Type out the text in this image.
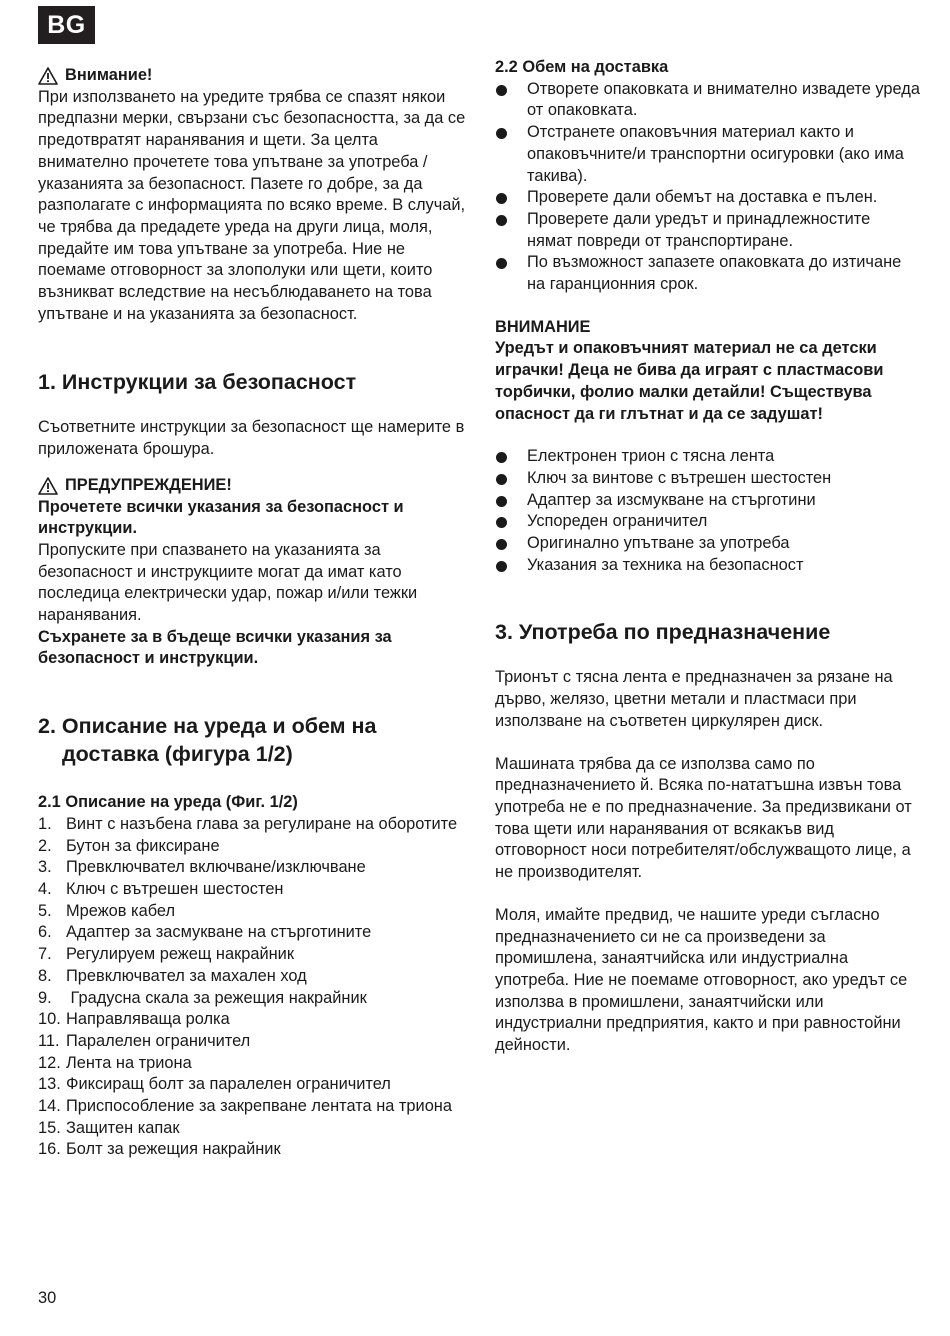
BG
Внимание!

При използването на уредите трябва се спазят някои предпазни мерки, свързани със безопасността, за да се предотвратят наранявания и щети. За целта внимателно прочетете това упътване за употреба / указанията за безопасност. Пазете го добре, за да разполагате с информацията по всяко време. В случай, че трябва да предадете уреда на други лица, моля, предайте им това упътване за употреба. Ние не поемаме отговорност за злополуки или щети, които възникват вследствие на несъблюдаването на това упътване и на указанията за безопасност.

1. Инструкции за безопасност

Съответните инструкции за безопасност ще намерите в приложената брошура.

ПРЕДУПРЕЖДЕНИЕ!

Прочетете всички указания за безопасност и инструкции.

Пропуските при спазването на указанията за безопасност и инструкциите могат да имат като последица електрически удар, пожар и/или тежки наранявания.

Съхранете за в бъдеще всички указания за безопасност и инструкции.

2. Описание на уреда и обем на доставка (фигура 1/2)
2.1 Описание на уреда (Фиг. 1/2)
1. Винт с назъбена глава за регулиране на оборотите
2. Бутон за фиксиране
3. Превключвател включване/изключване
4. Ключ с вътрешен шестостен
5. Мрежов кабел
6. Адаптер за засмукване на стърготините
7. Регулируем режещ накрайник
8. Превключвател за махален ход
9. Градусна скала за режещия накрайник
10. Направляваща ролка
11. Паралелен ограничител
12. Лента на триона
13. Фиксиращ болт за паралелен ограничител
14. Приспособление за закрепване лентата на триона
15. Защитен капак
16. Болт за режещия накрайник
2.2 Обем на доставка
Отворете опаковката и внимателно извадете уреда от опаковката.
Отстранете опаковъчния материал както и опаковъчните/и транспортни осигуровки (ако има такива).
Проверете дали обемът на доставка е пълен.
Проверете дали уредът и принадлежностите нямат повреди от транспортиране.
По възможност запазете опаковката до изтичане на гаранционния срок.

ВНИМАНИЕ

Уредът и опаковъчният материал не са детски играчки! Деца не бива да играят с пластмасови торбички, фолио малки детайли! Съществува опасност да ги глътнат и да се задушат!

Електронен трион с тясна лента
Ключ за винтове с вътрешен шестостен
Адаптер за изсмукване на стърготини
Успореден ограничител
Оригинално упътване за употреба
Указания за техника на безопасност
3. Употреба по предназначение

Трионът с тясна лента е предназначен за рязане на дърво, желязо, цветни метали и пластмаси при използване на съответен циркулярен диск.

Машината трябва да се използва само по предназначението й. Всяка по-нататъшна извън това употреба не е по предназначение. За предизвикани от това щети или наранявания от всякакъв вид отговорност носи потребителят/обслужващото лице, а не производителят.

Моля, имайте предвид, че нашите уреди съгласно предназначението си не са произведени за промишлена, занаятчийска или индустриална употреба. Ние не поемаме отговорност, ако уредът се използва в промишлени, занаятчийски или индустриални предприятия, както и при равностойни дейности.

30
